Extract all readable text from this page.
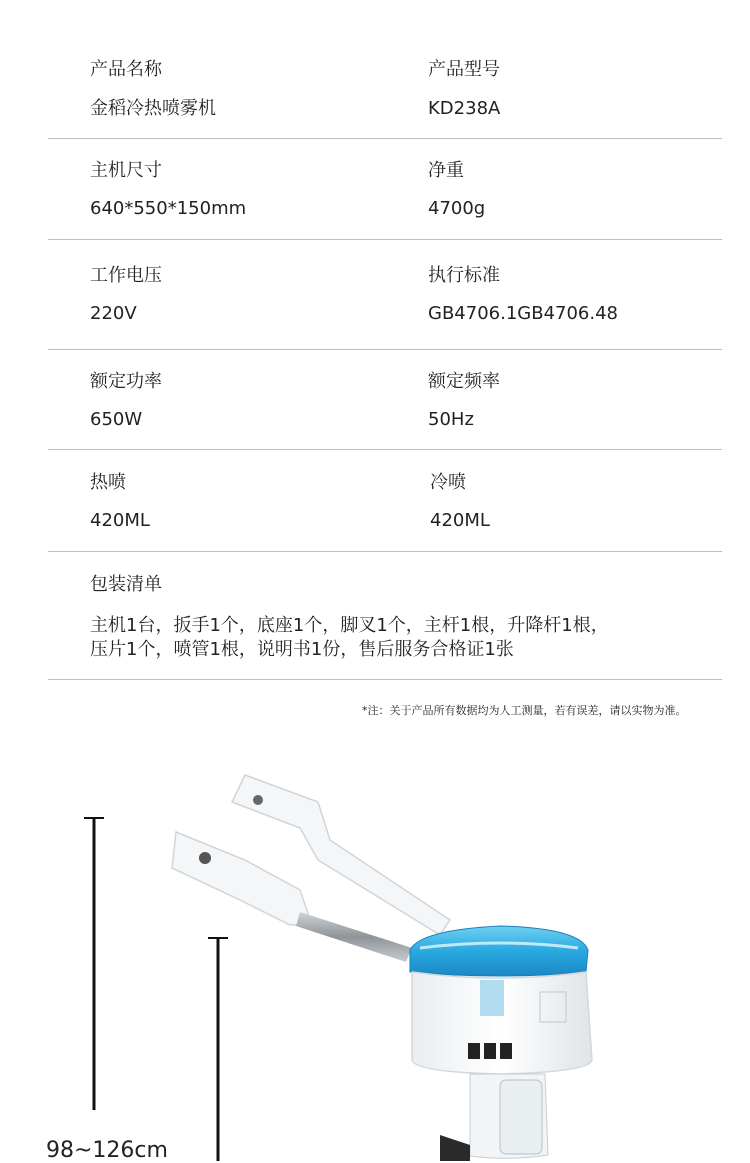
产品名称
金稻冷热喷雾机
产品型号
KD238A
主机尺寸
640*550*150mm
净重
4700g
工作电压
220V
执行标准
GB4706.1GB4706.48
额定功率
650W
额定频率
50Hz
热喷
420ML
冷喷
420ML
包装清单
主机1台，扳手1个，底座1个，脚叉1个，主杆1根，升降杆1根，
压片1个，喷管1根，说明书1份，售后服务合格证1张
*注：关于产品所有数据均为人工测量，若有误差，请以实物为准。
98~126cm
